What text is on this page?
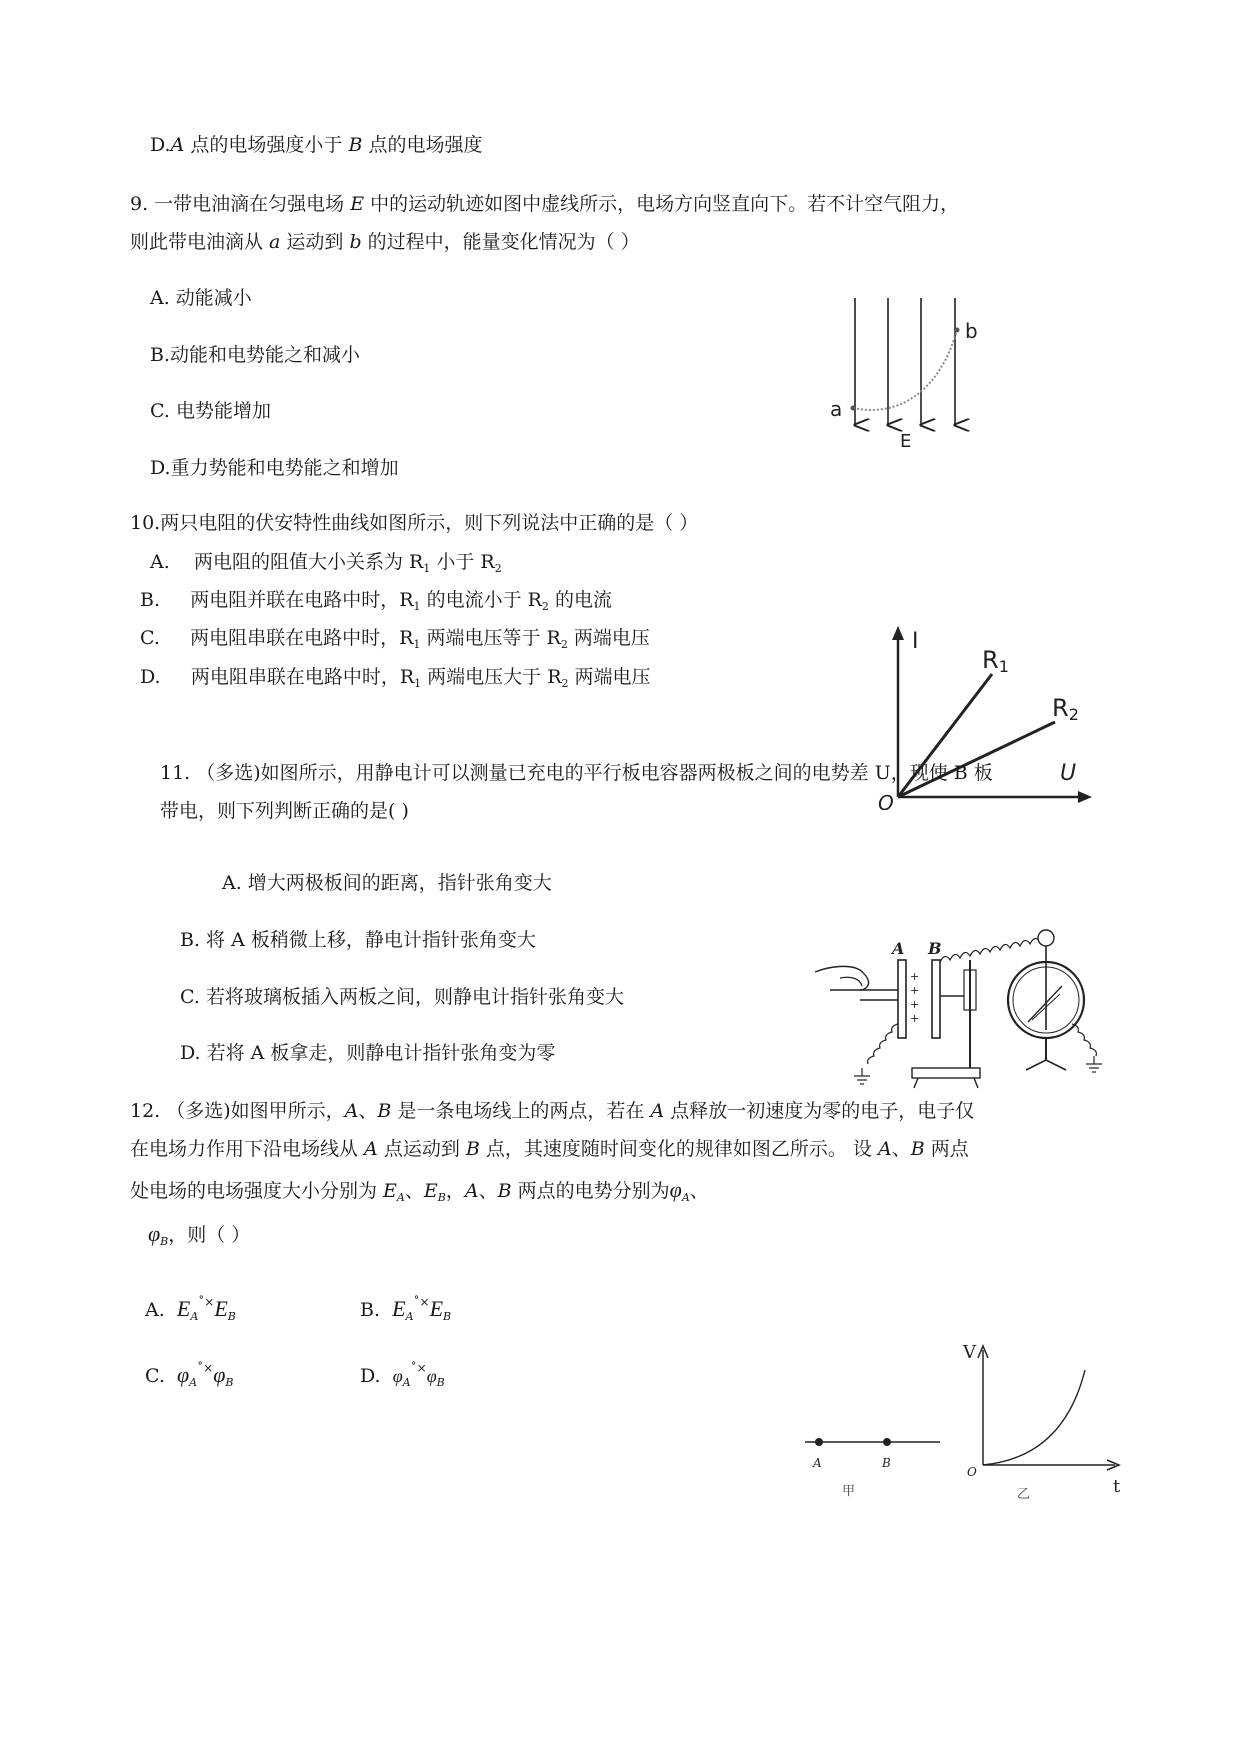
D.A 点的电场强度小于 B 点的电场强度
9. 一带电油滴在匀强电场 E 中的运动轨迹如图中虚线所示，电场方向竖直向下。若不计空气阻力，
则此带电油滴从 a 运动到 b 的过程中，能量变化情况为（ ）
A. 动能减小
B.动能和电势能之和减小
C. 电势能增加
D.重力势能和电势能之和增加
b
a
E
10.两只电阻的伏安特性曲线如图所示，则下列说法中正确的是（ ）
A. 两电阻的阻值大小关系为 $R_1$ 小于 $R_2$
B. 两电阻并联在电路中时，$R_1$ 的电流小于 $R_2$ 的电流
C. 两电阻串联在电路中时，$R_1$ 两端电压等于 $R_2$ 两端电压
D. 两电阻串联在电路中时，$R_1$ 两端电压大于 $R_2$ 两端电压
I
U
O
R1
R2
11. （多选)如图所示，用静电计可以测量已充电的平行板电容器两极板之间的电势差 U，现使 B 板
带电，则下列判断正确的是( )
A. 增大两极板间的距离，指针张角变大
B. 将 A 板稍微上移，静电计指针张角变大
C. 若将玻璃板插入两板之间，则静电计指针张角变大
D. 若将 A 板拿走，则静电计指针张角变为零
A
+
+
+
+
B
12. （多选)如图甲所示，A、B 是一条电场线上的两点，若在 A 点释放一初速度为零的电子，电子仅
在电场力作用下沿电场线从 A 点运动到 B 点，其速度随时间变化的规律如图乙所示。 设 A、B 两点
处电场的电场强度大小分别为 $E_A$、$E_B$，A、B 两点的电势分别为$\varphi_A$、
$\varphi_B$，则（ ）
A. $E_A^{˚\times}E_B$	B. $E_A^{˚\times}E_B$
C. $\varphi_A^{˚\times}\varphi_B$	D. $\varphi_A^{˚\times}\varphi_B$
A	B
甲
V
t
O
乙
